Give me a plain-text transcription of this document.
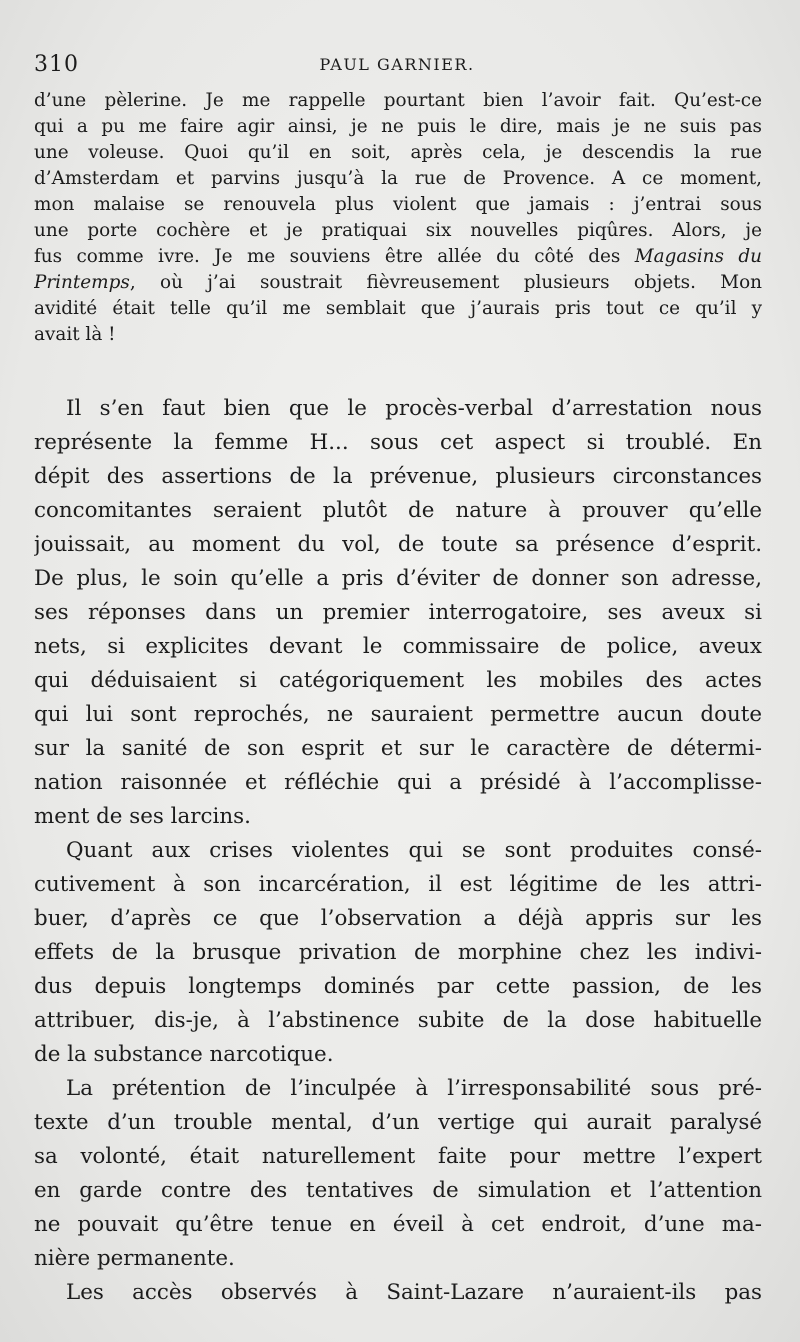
310	PAUL GARNIER.
d’une pèlerine. Je me rappelle pourtant bien l’avoir fait. Qu’est-ce
qui a pu me faire agir ainsi, je ne puis le dire, mais je ne suis pas
une voleuse. Quoi qu’il en soit, après cela, je descendis la rue
d’Amsterdam et parvins jusqu’à la rue de Provence. A ce moment,
mon malaise se renouvela plus violent que jamais : j’entrai sous
une porte cochère et je pratiquai six nouvelles piqûres. Alors, je
fus comme ivre. Je me souviens être allée du côté des Magasins du
Printemps, où j’ai soustrait fièvreusement plusieurs objets. Mon
avidité était telle qu’il me semblait que j’aurais pris tout ce qu’il y
avait là !
Il s’en faut bien que le procès-verbal d’arrestation nous
représente la femme H... sous cet aspect si troublé. En
dépit des assertions de la prévenue, plusieurs circonstances
concomitantes seraient plutôt de nature à prouver qu’elle
jouissait, au moment du vol, de toute sa présence d’esprit.
De plus, le soin qu’elle a pris d’éviter de donner son adresse,
ses réponses dans un premier interrogatoire, ses aveux si
nets, si explicites devant le commissaire de police, aveux
qui déduisaient si catégoriquement les mobiles des actes
qui lui sont reprochés, ne sauraient permettre aucun doute
sur la sanité de son esprit et sur le caractère de détermi-
nation raisonnée et réfléchie qui a présidé à l’accomplisse-
ment de ses larcins.
Quant aux crises violentes qui se sont produites consé-
cutivement à son incarcération, il est légitime de les attri-
buer, d’après ce que l’observation a déjà appris sur les
effets de la brusque privation de morphine chez les indivi-
dus depuis longtemps dominés par cette passion, de les
attribuer, dis-je, à l’abstinence subite de la dose habituelle
de la substance narcotique.
La prétention de l’inculpée à l’irresponsabilité sous pré-
texte d’un trouble mental, d’un vertige qui aurait paralysé
sa volonté, était naturellement faite pour mettre l’expert
en garde contre des tentatives de simulation et l’attention
ne pouvait qu’être tenue en éveil à cet endroit, d’une ma-
nière permanente.
Les accès observés à Saint-Lazare n’auraient-ils pas
